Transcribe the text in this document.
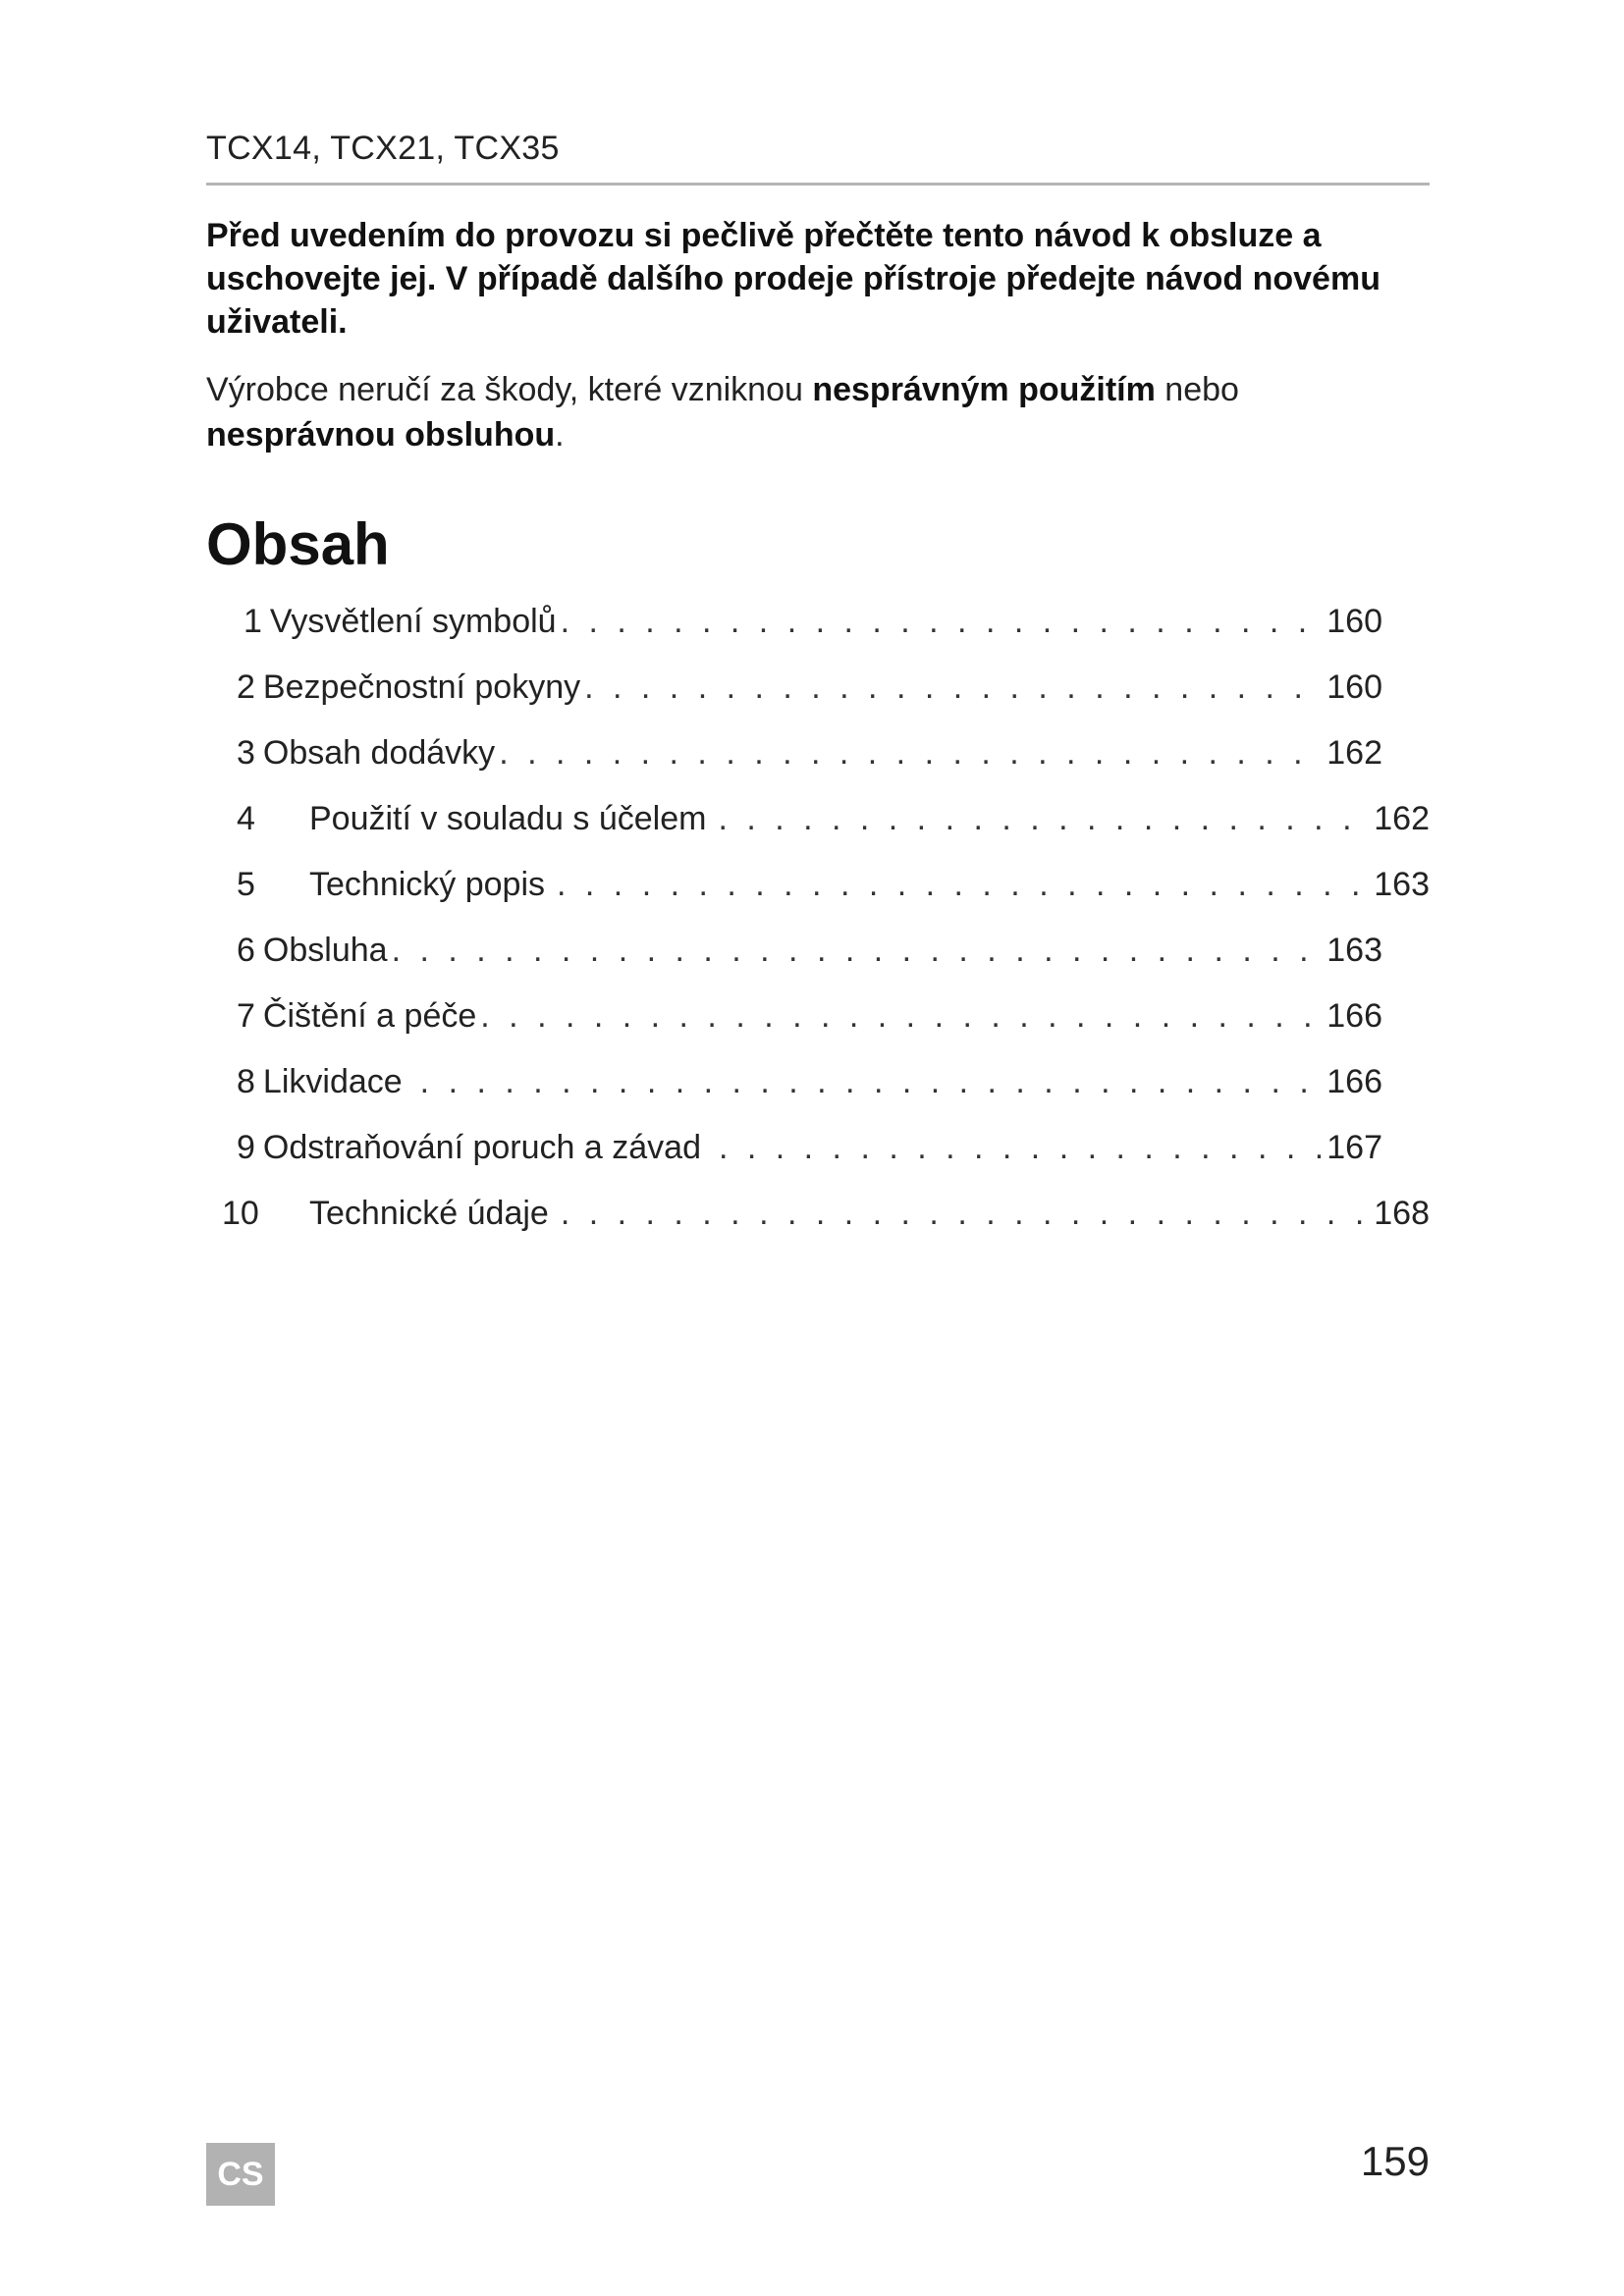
TCX14, TCX21, TCX35
Před uvedením do provozu si pečlivě přečtěte tento návod k obsluze a uschovejte jej. V případě dalšího prodeje přístroje předejte návod novému uživateli.
Výrobce neručí za škody, které vzniknou nesprávným použitím nebo
nesprávnou obsluhou.
Obsah
1 Vysvětlení symbolů . . .	160
2 Bezpečnostní pokyny . . .	160
3 Obsah dodávky . . .	162
4	Použití v souladu s účelem . . .	162
5	Technický popis . . .	163
6 Obsluha . . .	163
7 Čištění a péče . . .	166
8 Likvidace . . .	166
9 Odstraňování poruch a závad . . .	167
10	Technické údaje . . .	168
CS	159
